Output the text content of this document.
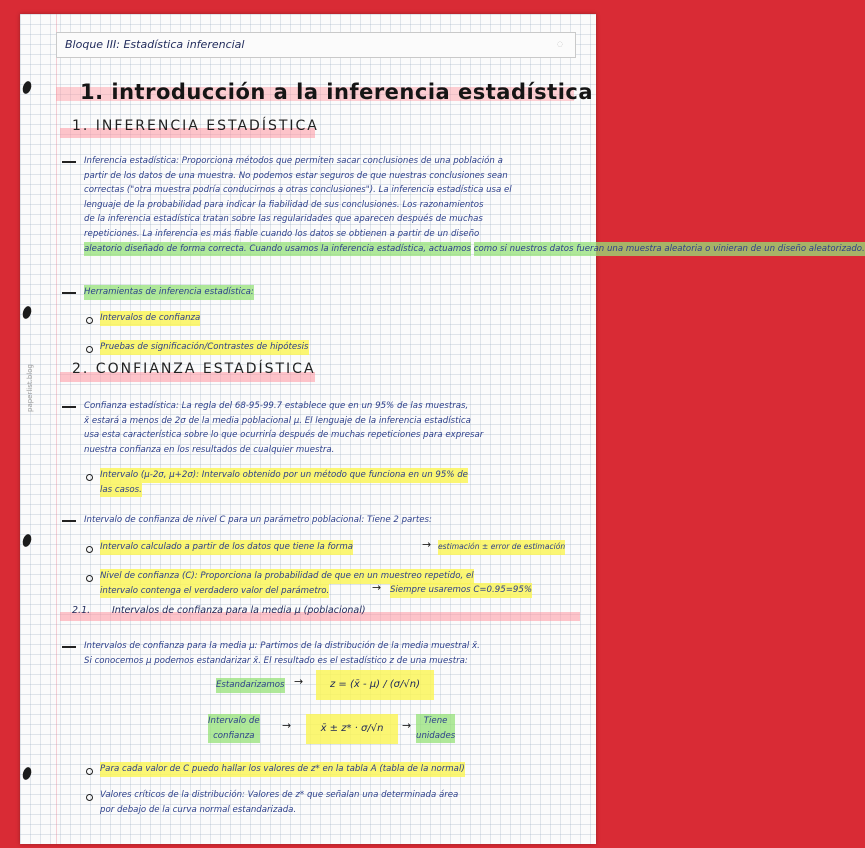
paperlist.blog
Bloque III: Estadística inferencial	◌
1. introducción a la inferencia estadística
1. INFERENCIA ESTADÍSTICA
Inferencia estadística: Proporciona métodos que permiten sacar conclusiones de una población a
partir de los datos de una muestra. No podemos estar seguros de que nuestras conclusiones sean
correctas ("otra muestra podría conducirnos a otras conclusiones"). La inferencia estadística usa el
lenguaje de la probabilidad para indicar la fiabilidad de sus conclusiones. Los razonamientos
de la inferencia estadística tratan sobre las regularidades que aparecen después de muchas
repeticiones. La inferencia es más fiable cuando los datos se obtienen a partir de un diseño
aleatorio diseñado de forma correcta. Cuando usamos la inferencia estadística, actuamos como si nuestros datos fueran una muestra aleatoria o vinieran de un diseño aleatorizado.
Herramientas de inferencia estadística:
Intervalos de confianza
Pruebas de significación/Contrastes de hipótesis
2. CONFIANZA ESTADÍSTICA
Confianza estadística: La regla del 68-95-99.7 establece que en un 95% de las muestras,
x̄ estará a menos de 2σ de la media poblacional μ. El lenguaje de la inferencia estadística
usa esta característica sobre lo que ocurriría después de muchas repeticiones para expresar
nuestra confianza en los resultados de cualquier muestra.
Intervalo (μ-2σ, μ+2σ): Intervalo obtenido por un método que funciona en un 95% de
las casos.
Intervalo de confianza de nivel C para un parámetro poblacional: Tiene 2 partes:
Intervalo calculado a partir de los datos que tiene la forma	→ estimación ± error de estimación
Nivel de confianza (C): Proporciona la probabilidad de que en un muestreo repetido, el
intervalo contenga el verdadero valor del parámetro.	→ Siempre usaremos C=0.95=95%
2.1. Intervalos de confianza para la media μ (poblacional)
Intervalos de confianza para la media μ: Partimos de la distribución de la media muestral x̄.
Si conocemos μ podemos estandarizar x̄. El resultado es el estadístico z de una muestra:
Estandarizamos →	z = (x̄ - μ) / (σ/√n)
Intervalo de
confianza
→	x̄ ± z* · σ/√n	→	Tiene
unidades
Para cada valor de C puedo hallar los valores de z* en la tabla A (tabla de la normal)
Valores críticos de la distribución: Valores de z* que señalan una determinada área
por debajo de la curva normal estandarizada.
